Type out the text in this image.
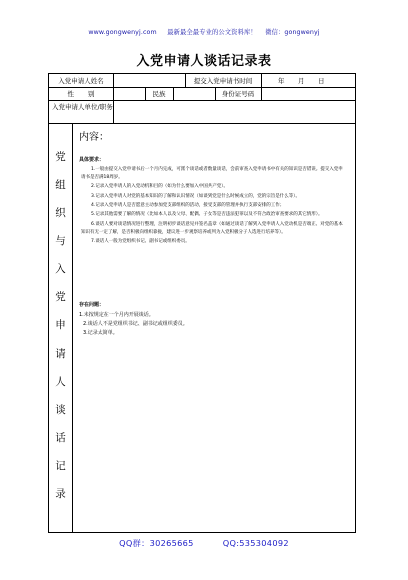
www.gongwenyj.com 最新最全最专业的公文资料库！ 微信：gongwenyj
入党申请人谈话记录表
入党申请人姓名	提交入党申请书时间	年 月 日
性 别	民族	身份证号码
入党申请人单位/职务
党
组
织
与
入
党
申
请
人
谈
话
记
录
内容：
具体要求：
1.一般由提交入党申请书后一个月内完成，可派个谈话或者数量谈话，会前审查入党申请书中有关的知识是否错误。提交入党申请书是否满18周岁。
2.记录入党申请人的入党动机和目的（如为什么要加入中国共产党）。
3.记录入党申请人对党的基本知识的了解和认识情况（如谈到党是什么时候成立的，党的宗旨是什么等）。
4.记录入党申请人是否愿意主动参加党支部组织的活动，接受支部的管理并执行支部安排的工作；
5.记录其他需要了解的情况（比如本人以及父母、配偶、子女等是否违法犯罪以及不符合政治审查要求的其它情形）。
6.谈话人要对谈话情况进行整理，注明初步谈话意见并签名盖章（如通过谈话了解到入党申请人入党动机是否端正、对党的基本知识有无一定了解，是否积极向组织靠拢，建议进一步观察培养或列为入党积极分子人选进行培养等）。
7.谈话人一般为党组织书记、副书记或组织委员。
存在问题：
1.未按规定在一个月内开展谈话。
2.谈话人不是党组织书记、副书记或组织委员。
3.记录太简单。
QQ群：30265665	QQ:535304092
